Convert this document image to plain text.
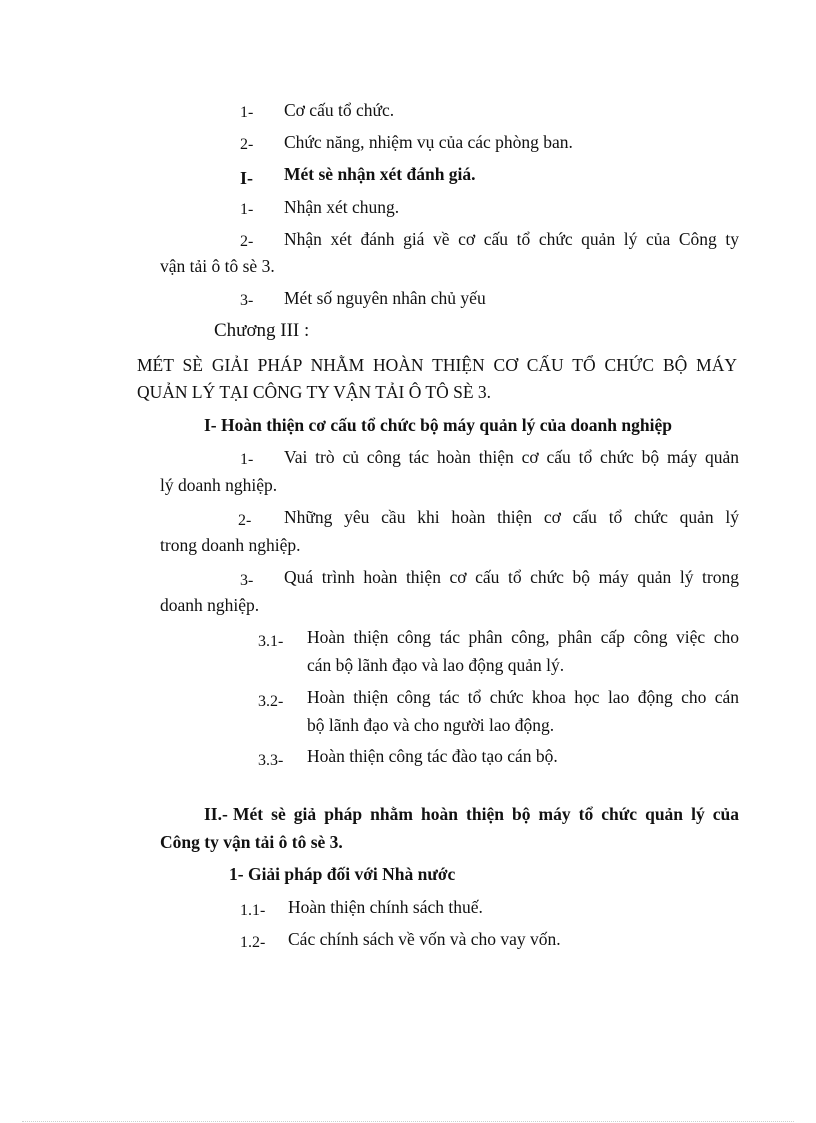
1- Cơ cấu tổ chức.
2- Chức năng, nhiệm vụ của các phòng ban.
I- Mét sè nhận xét đánh giá.
1- Nhận xét chung.
2- Nhận xét đánh giá về cơ cấu tổ chức quản lý của Công ty
vận tải ô tô sè 3.
3- Mét số nguyên nhân chủ yếu
Chương III :
MÉT SÈ GIẢI PHÁP NHẰM HOÀN THIỆN CƠ CẤU TỔ CHỨC BỘ MÁY
QUẢN LÝ TẠI CÔNG TY VẬN TẢI Ô TÔ SÈ 3.
I- Hoàn thiện cơ cấu tổ chức bộ máy quản lý của doanh nghiệp
1- Vai trò củ công tác hoàn thiện cơ cấu tổ chức bộ máy quản
lý doanh nghiệp.
2- Những yêu cầu khi hoàn thiện cơ cấu tổ chức quản lý
trong doanh nghiệp.
3- Quá trình hoàn thiện cơ cấu tổ chức bộ máy quản lý trong
doanh nghiệp.
3.1- Hoàn thiện công tác phân công, phân cấp công việc cho
cán bộ lãnh đạo và lao động quản lý.
3.2- Hoàn thiện công tác tổ chức khoa học lao động cho cán
bộ lãnh đạo và cho người lao động.
3.3- Hoàn thiện công tác đào tạo cán bộ.
II.- Mét sè giả pháp nhằm hoàn thiện bộ máy tổ chức quản lý của
Công ty vận tải ô tô sè 3.
1- Giải pháp đối với Nhà nước
1.1- Hoàn thiện chính sách thuế.
1.2- Các chính sách về vốn và cho vay vốn.
